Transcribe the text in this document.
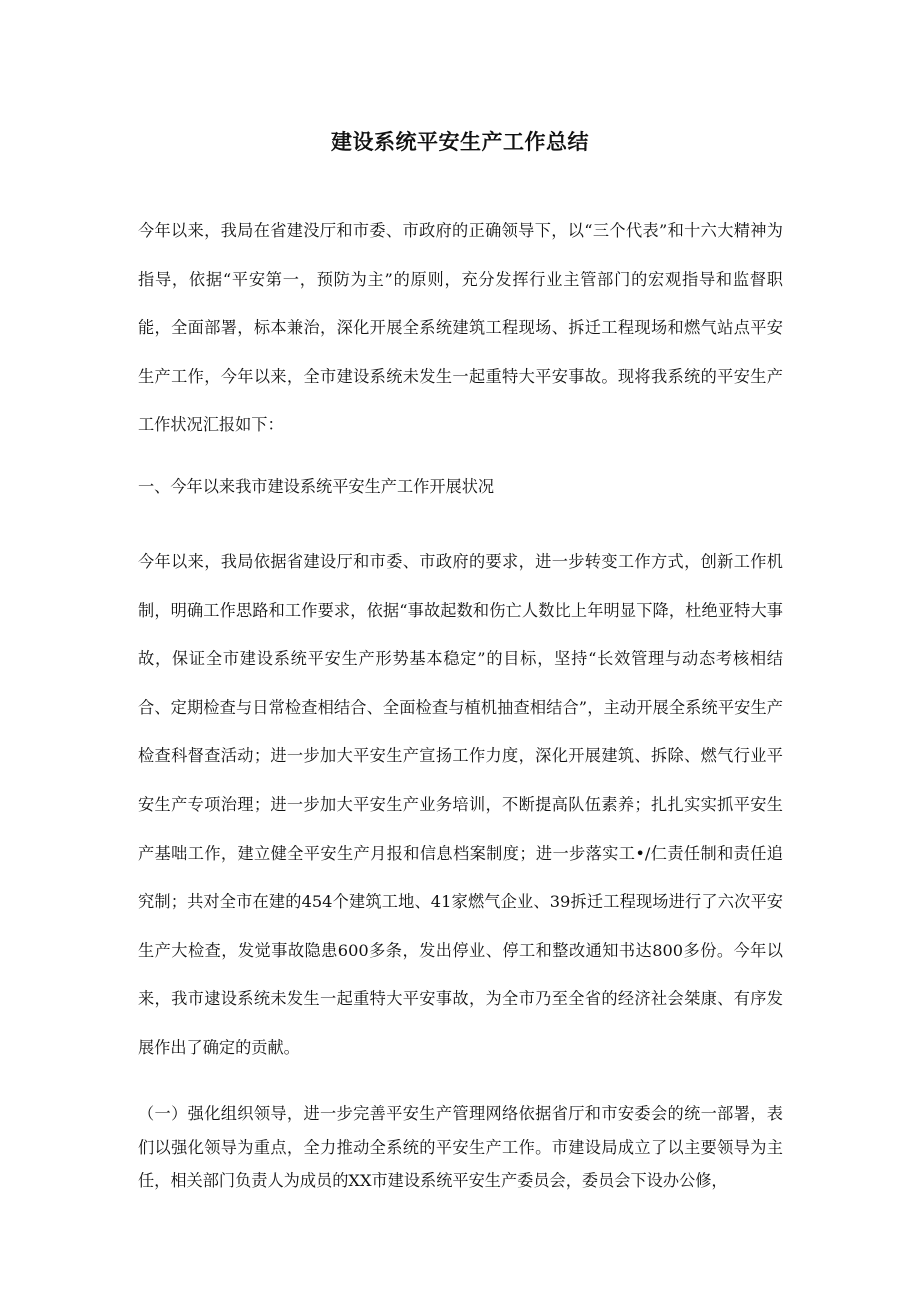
建设系统平安生产工作总结

今年以来，我局在省建没厅和市委、市政府的正确领导下，以“三个代表”和十六大精神为指导，依据“平安第一，预防为主”的原则，充分发挥行业主管部门的宏观指导和监督职能，全面部署，标本兼治，深化开展全系统建筑工程现场、拆迁工程现场和燃气站点平安生产工作，今年以来，全市建设系统未发生一起重特大平安事故。现将我系统的平安生产工作状况汇报如下：

一、今年以来我市建设系统平安生产工作开展状况

今年以来，我局依据省建设厅和市委、市政府的要求，进一步转变工作方式，创新工作机制，明确工作思路和工作要求，依据“事故起数和伤亡人数比上年明显下降，杜绝亚特大事故，保证全市建设系统平安生产形势基本稳定”的目标，坚持“长效管理与动态考核相结合、定期检查与日常检查相结合、全面检查与植机抽查相结合”，主动开展全系统平安生产检查科督查活动；进一步加大平安生产宣扬工作力度，深化开展建筑、拆除、燃气行业平安生产专项治理；进一步加大平安生产业务培训，不断提高队伍素养；扎扎实实抓平安生产基咄工作，建立健全平安生产月报和信息档案制度；进一步落实工•/仁责任制和责任追究制；共对全市在建的454个建筑工地、41家燃气企业、39拆迁工程现场进行了六次平安生产大检查，发觉事故隐患600多条，发出停业、停工和整改通知书达800多份。今年以来，我市逮设系统未发生一起重特大平安事故，为全市乃至全省的经济社会桀康、有序发展作出了确定的贡献。

（一）强化组织领导，进一步完善平安生产管理网络依据省厅和市安委会的统一部署，表们以强化领导为重点，全力推动全系统的平安生产工作。市建设局成立了以主要领导为主任，相关部门负责人为成员的XX市建设系统平安生产委员会，委员会下设办公修，
